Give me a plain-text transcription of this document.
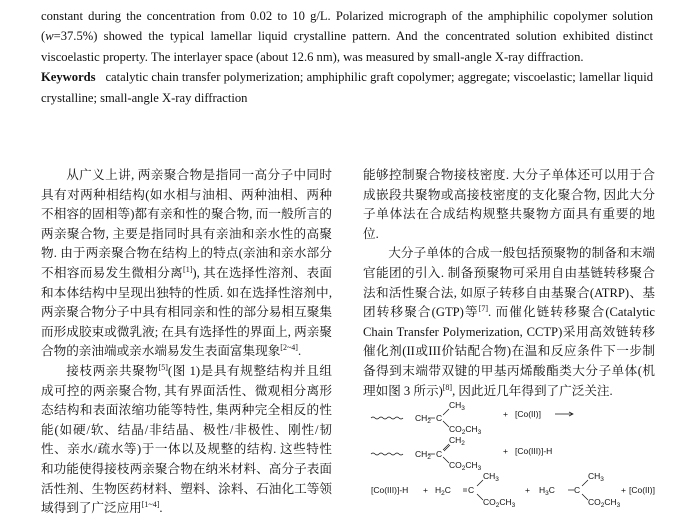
constant during the concentration from 0.02 to 10 g/L. Polarized micrograph of the amphiphilic copolymer solution (w=37.5%) showed the typical lamellar liquid crystalline pattern. And the concentrated solution exhibited distinct viscoelastic property. The interlayer space (about 12.6 nm), was measured by small-angle X-ray diffraction.

Keywords catalytic chain transfer polymerization; amphiphilic graft copolymer; aggregate; viscoelastic; lamellar liquid crystalline; small-angle X-ray diffraction

从广义上讲, 两亲聚合物是指同一高分子中同时具有对两种相结构(如水相与油相、两种油相、两种不相容的固相等)都有亲和性的聚合物, 而一般所言的两亲聚合物, 主要是指同时具有亲油和亲水性的高聚物. 由于两亲聚合物在结构上的特点(亲油和亲水部分不相容而易发生微相分离[1]), 其在选择性溶剂、表面和本体结构中呈现出独特的性质. 如在选择性溶剂中, 两亲聚合物分子中具有相同亲和性的部分易相互聚集而形成胶束或微乳液; 在具有选择性的界面上, 两亲聚合物的亲油端或亲水端易发生表面富集现象[2~4].

接枝两亲共聚物[5](图 1)是具有规整结构并且组成可控的两亲聚合物, 其有界面活性、微观相分离形态结构和表面浓缩功能等特性, 集两种完全相反的性能(如硬/软、结晶/非结晶、极性/非极性、刚性/韧性、亲水/疏水等)于一体以及规整的结构. 这些特性和功能使得接枝两亲聚合物在纳米材料、高分子表面活性剂、生物医药材料、塑料、涂料、石油化工等领域得到了广泛应用[1~4].

能够控制聚合物接枝密度. 大分子单体还可以用于合成嵌段共聚物或高接枝密度的支化聚合物, 因此大分子单体法在合成结构规整共聚物方面具有重要的地位.

大分子单体的合成一般包括预聚物的制备和末端官能团的引入. 制备预聚物可采用自由基链转移聚合法和活性聚合法, 如原子转移自由基聚合(ATRP)、基团转移聚合(GTP)等[7]. 而催化链转移聚合(Catalytic Chain Transfer Polymerization, CCTP)采用高效链转移催化剂(II或III价钴配合物)在温和反应条件下一步制备得到末端带双键的甲基丙烯酸酯类大分子单体(机理如图 3 所示)[8], 因此近几年得到了广泛关注.

$CH_2$ C
$CH_3$
$CO_2CH_3$
+ [Co(II)]
$CH_2$ C
$CH_2$
$CO_2CH_3$
+ [Co(III)]-H
$[Co(III)]-H + H_2C$ C
$CH_3$
$CO_2CH_3$
+ $H_3C$ C
$CH_3$
$CO_2CH_3$
+ [Co(II)]
